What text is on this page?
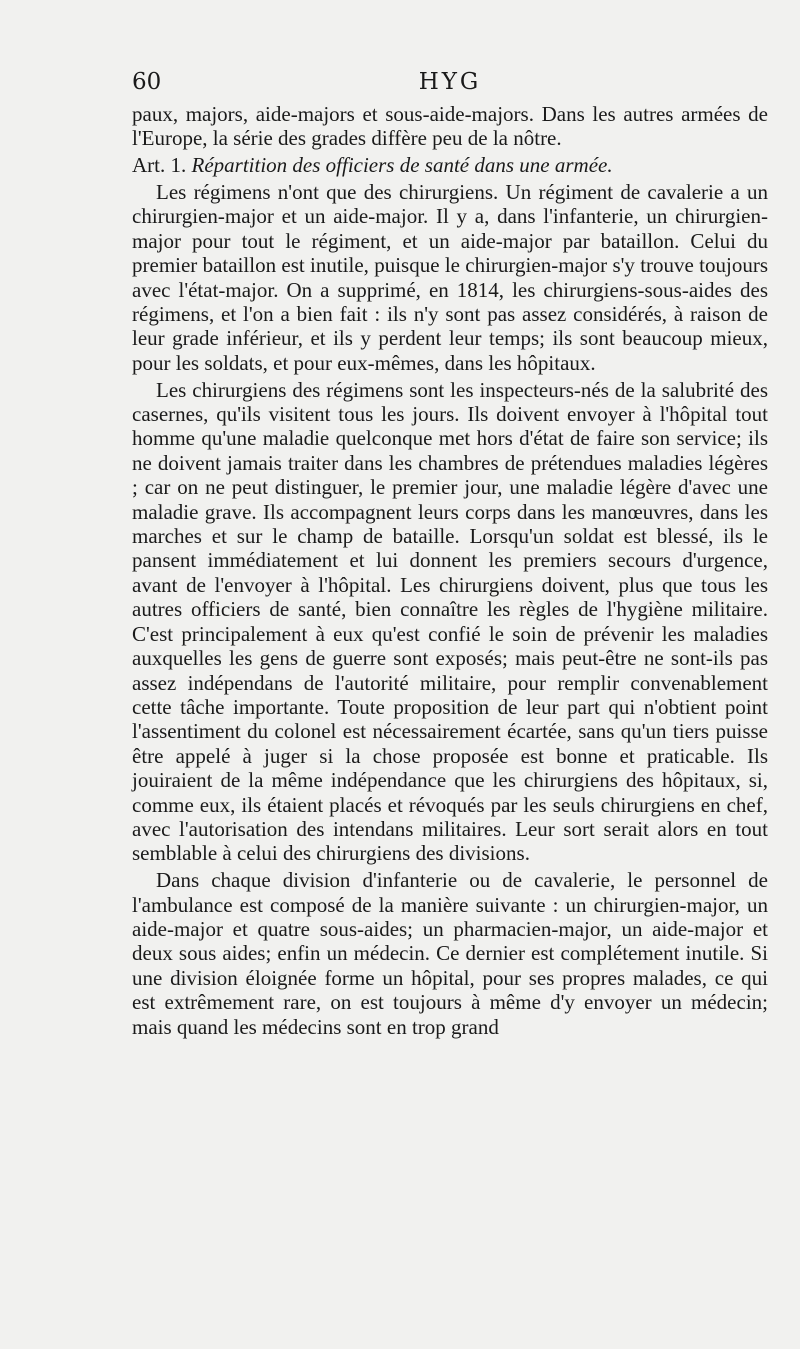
60	HYG

paux, majors, aide-majors et sous-aide-majors. Dans les autres armées de l'Europe, la série des grades diffère peu de la nôtre.

Art. 1. Répartition des officiers de santé dans une armée.

Les régimens n'ont que des chirurgiens. Un régiment de cavalerie a un chirurgien-major et un aide-major. Il y a, dans l'infanterie, un chirurgien-major pour tout le régiment, et un aide-major par bataillon. Celui du premier bataillon est inutile, puisque le chirurgien-major s'y trouve toujours avec l'état-major. On a supprimé, en 1814, les chirurgiens-sous-aides des régimens, et l'on a bien fait : ils n'y sont pas assez considérés, à raison de leur grade inférieur, et ils y perdent leur temps; ils sont beaucoup mieux, pour les soldats, et pour eux-mêmes, dans les hôpitaux.

Les chirurgiens des régimens sont les inspecteurs-nés de la salubrité des casernes, qu'ils visitent tous les jours. Ils doivent envoyer à l'hôpital tout homme qu'une maladie quelconque met hors d'état de faire son service; ils ne doivent jamais traiter dans les chambres de prétendues maladies légères ; car on ne peut distinguer, le premier jour, une maladie légère d'avec une maladie grave. Ils accompagnent leurs corps dans les manœuvres, dans les marches et sur le champ de bataille. Lorsqu'un soldat est blessé, ils le pansent immédiatement et lui donnent les premiers secours d'urgence, avant de l'envoyer à l'hôpital. Les chirurgiens doivent, plus que tous les autres officiers de santé, bien connaître les règles de l'hygiène militaire. C'est principalement à eux qu'est confié le soin de prévenir les maladies auxquelles les gens de guerre sont exposés; mais peut-être ne sont-ils pas assez indépendans de l'autorité militaire, pour remplir convenablement cette tâche importante. Toute proposition de leur part qui n'obtient point l'assentiment du colonel est nécessairement écartée, sans qu'un tiers puisse être appelé à juger si la chose proposée est bonne et praticable. Ils jouiraient de la même indépendance que les chirurgiens des hôpitaux, si, comme eux, ils étaient placés et révoqués par les seuls chirurgiens en chef, avec l'autorisation des intendans militaires. Leur sort serait alors en tout semblable à celui des chirurgiens des divisions.

Dans chaque division d'infanterie ou de cavalerie, le personnel de l'ambulance est composé de la manière suivante : un chirurgien-major, un aide-major et quatre sous-aides; un pharmacien-major, un aide-major et deux sous aides; enfin un médecin. Ce dernier est complétement inutile. Si une division éloignée forme un hôpital, pour ses propres malades, ce qui est extrêmement rare, on est toujours à même d'y envoyer un médecin; mais quand les médecins sont en trop grand
